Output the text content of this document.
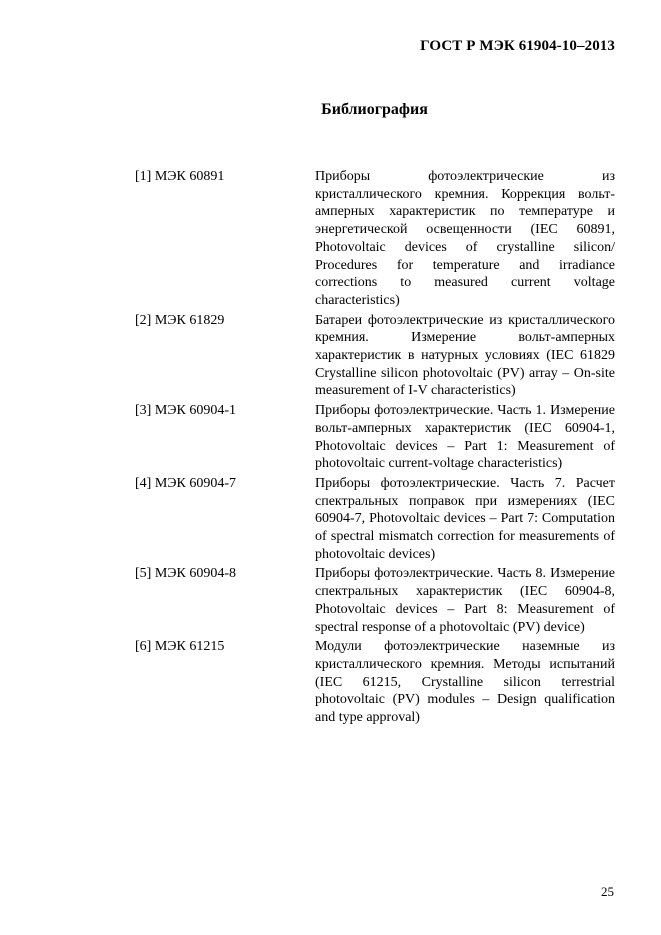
ГОСТ Р МЭК 61904-10–2013
Библиография
[1] МЭК 60891	Приборы фотоэлектрические из кристаллического кремния. Коррекция вольт-амперных характеристик по температуре и энергетической освещенности (IEC 60891, Photovoltaic devices of crystalline silicon/ Procedures for temperature and irradiance corrections to measured current voltage characteristics)
[2] МЭК 61829	Батареи фотоэлектрические из кристаллического кремния. Измерение вольт-амперных характеристик в натурных условиях (IEC 61829 Crystalline silicon photovoltaic (PV) array – On-site measurement of I-V characteristics)
[3] МЭК 60904-1	Приборы фотоэлектрические. Часть 1. Измерение вольт-амперных характеристик (IEC 60904-1, Photovoltaic devices – Part 1: Measurement of photovoltaic current-voltage characteristics)
[4] МЭК 60904-7	Приборы фотоэлектрические. Часть 7. Расчет спектральных поправок при измерениях (IEC 60904-7, Photovoltaic devices – Part 7: Computation of spectral mismatch correction for measurements of photovoltaic devices)
[5] МЭК 60904-8	Приборы фотоэлектрические. Часть 8. Измерение спектральных характеристик (IEC 60904-8, Photovoltaic devices – Part 8: Measurement of spectral response of a photovoltaic (PV) device)
[6] МЭК 61215	Модули фотоэлектрические наземные из кристаллического кремния. Методы испытаний (IEC 61215, Crystalline silicon terrestrial photovoltaic (PV) modules – Design qualification and type approval)
25
